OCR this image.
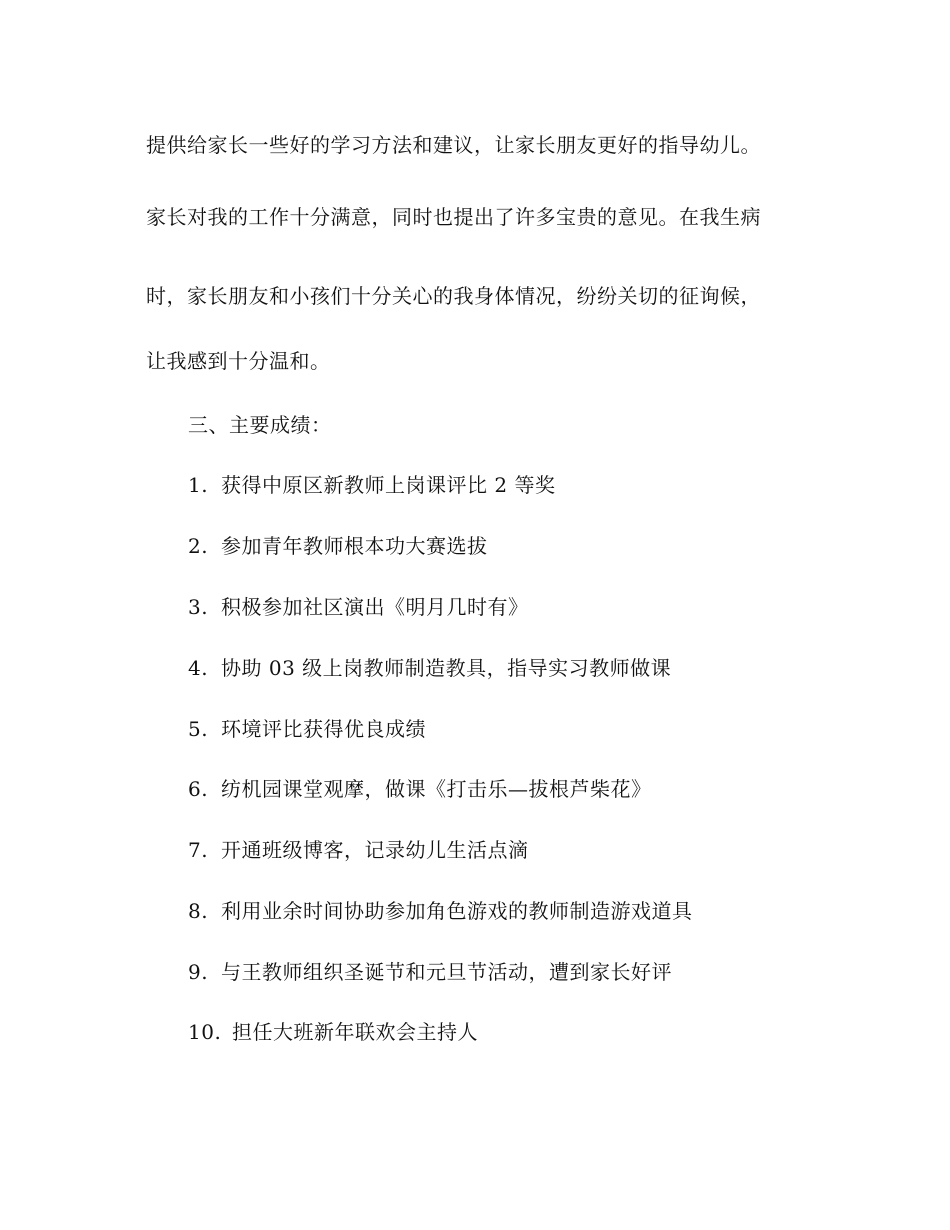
提供给家长一些好的学习方法和建议，让家长朋友更好的指导幼儿。
家长对我的工作十分满意，同时也提出了许多宝贵的意见。在我生病
时，家长朋友和小孩们十分关心的我身体情况，纷纷关切的征询候，
让我感到十分温和。
三、主要成绩：
1. 获得中原区新教师上岗课评比 2 等奖
2. 参加青年教师根本功大赛选拔
3. 积极参加社区演出《明月几时有》
4. 协助 03 级上岗教师制造教具，指导实习教师做课
5. 环境评比获得优良成绩
6. 纺机园课堂观摩，做课《打击乐—拔根芦柴花》
7. 开通班级博客，记录幼儿生活点滴
8. 利用业余时间协助参加角色游戏的教师制造游戏道具
9. 与王教师组织圣诞节和元旦节活动，遭到家长好评
10. 担任大班新年联欢会主持人
